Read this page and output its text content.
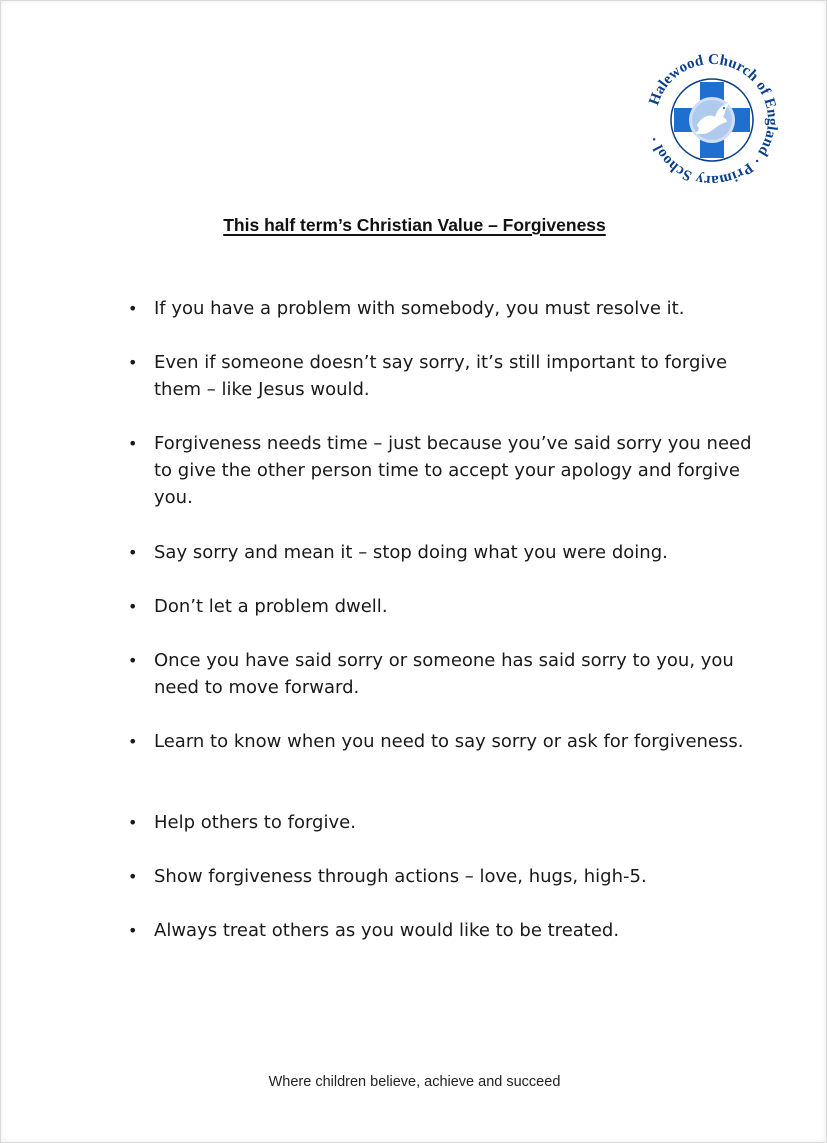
Halewood Church of England · Primary School ·
This half term’s Christian Value – Forgiveness
• If you have a problem with somebody, you must resolve it.
• Even if someone doesn’t say sorry, it’s still important to forgive them – like Jesus would.
• Forgiveness needs time – just because you’ve said sorry you need to give the other person time to accept your apology and forgive you.
• Say sorry and mean it – stop doing what you were doing.
• Don’t let a problem dwell.
• Once you have said sorry or someone has said sorry to you, you need to move forward.
• Learn to know when you need to say sorry or ask for forgiveness.
• Help others to forgive.
• Show forgiveness through actions – love, hugs, high-5.
• Always treat others as you would like to be treated.
Where children believe, achieve and succeed
